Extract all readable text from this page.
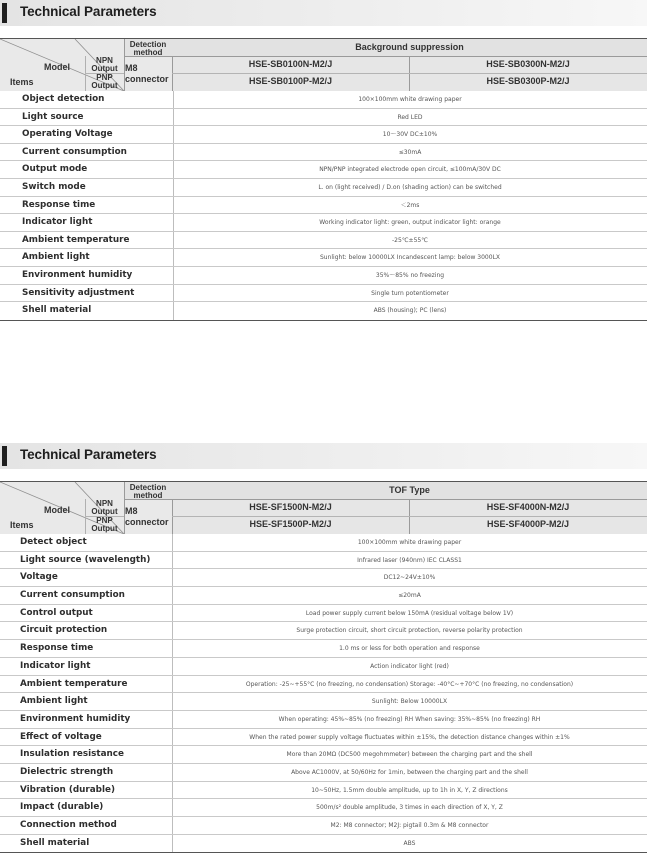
Technical Parameters
Detection method
M8 connector
Model
Items
NPN Output
PNP Output
Background suppression
HSE-SB0100N-M2/J	HSE-SB0300N-M2/J
HSE-SB0100P-M2/J	HSE-SB0300P-M2/J
Object detection	100×100mm white drawing paper
Light source	Red LED
Operating Voltage	10～30V DC±10%
Current consumption	≤30mA
Output mode	NPN/PNP integrated electrode open circuit, ≤100mA/30V DC
Switch mode	L. on (light received) / D.on (shading action) can be switched
Response time	＜2ms
Indicator light	Working indicator light: green, output indicator light: orange
Ambient temperature	-25℃±55℃
Ambient light	Sunlight: below 10000LX Incandescent lamp: below 3000LX
Environment humidity	35%～85% no freezing
Sensitivity adjustment	Single turn potentiometer
Shell material	ABS (housing); PC (lens)
Technical Parameters
Detection method
M8 connector
Model
Items
NPN Output
PNP Output
TOF Type
HSE-SF1500N-M2/J	HSE-SF4000N-M2/J
HSE-SF1500P-M2/J	HSE-SF4000P-M2/J
Detect object	100×100mm white drawing paper
Light source (wavelength)	Infrared laser (940nm) IEC CLASS1
Voltage	DC12~24V±10%
Current consumption	≤20mA
Control output	Load power supply current below 150mA (residual voltage below 1V)
Circuit protection	Surge protection circuit, short circuit protection, reverse polarity protection
Response time	1.0 ms or less for both operation and response
Indicator light	Action indicator light (red)
Ambient temperature	Operation: -25~+55°C (no freezing, no condensation) Storage: -40°C~+70°C (no freezing, no condensation)
Ambient light	Sunlight: Below 10000LX
Environment humidity	When operating: 45%~85% (no freezing) RH When saving: 35%~85% (no freezing) RH
Effect of voltage	When the rated power supply voltage fluctuates within ±15%, the detection distance changes within ±1%
Insulation resistance	More than 20MΩ (DC500 megohmmeter) between the charging part and the shell
Dielectric strength	Above AC1000V, at 50/60Hz for 1min, between the charging part and the shell
Vibration (durable)	10~50Hz, 1.5mm double amplitude, up to 1h in X, Y, Z directions
Impact (durable)	500m/s² double amplitude, 3 times in each direction of X, Y, Z
Connection method	M2: M8 connector; M2J: pigtail 0.3m & M8 connector
Shell material	ABS
